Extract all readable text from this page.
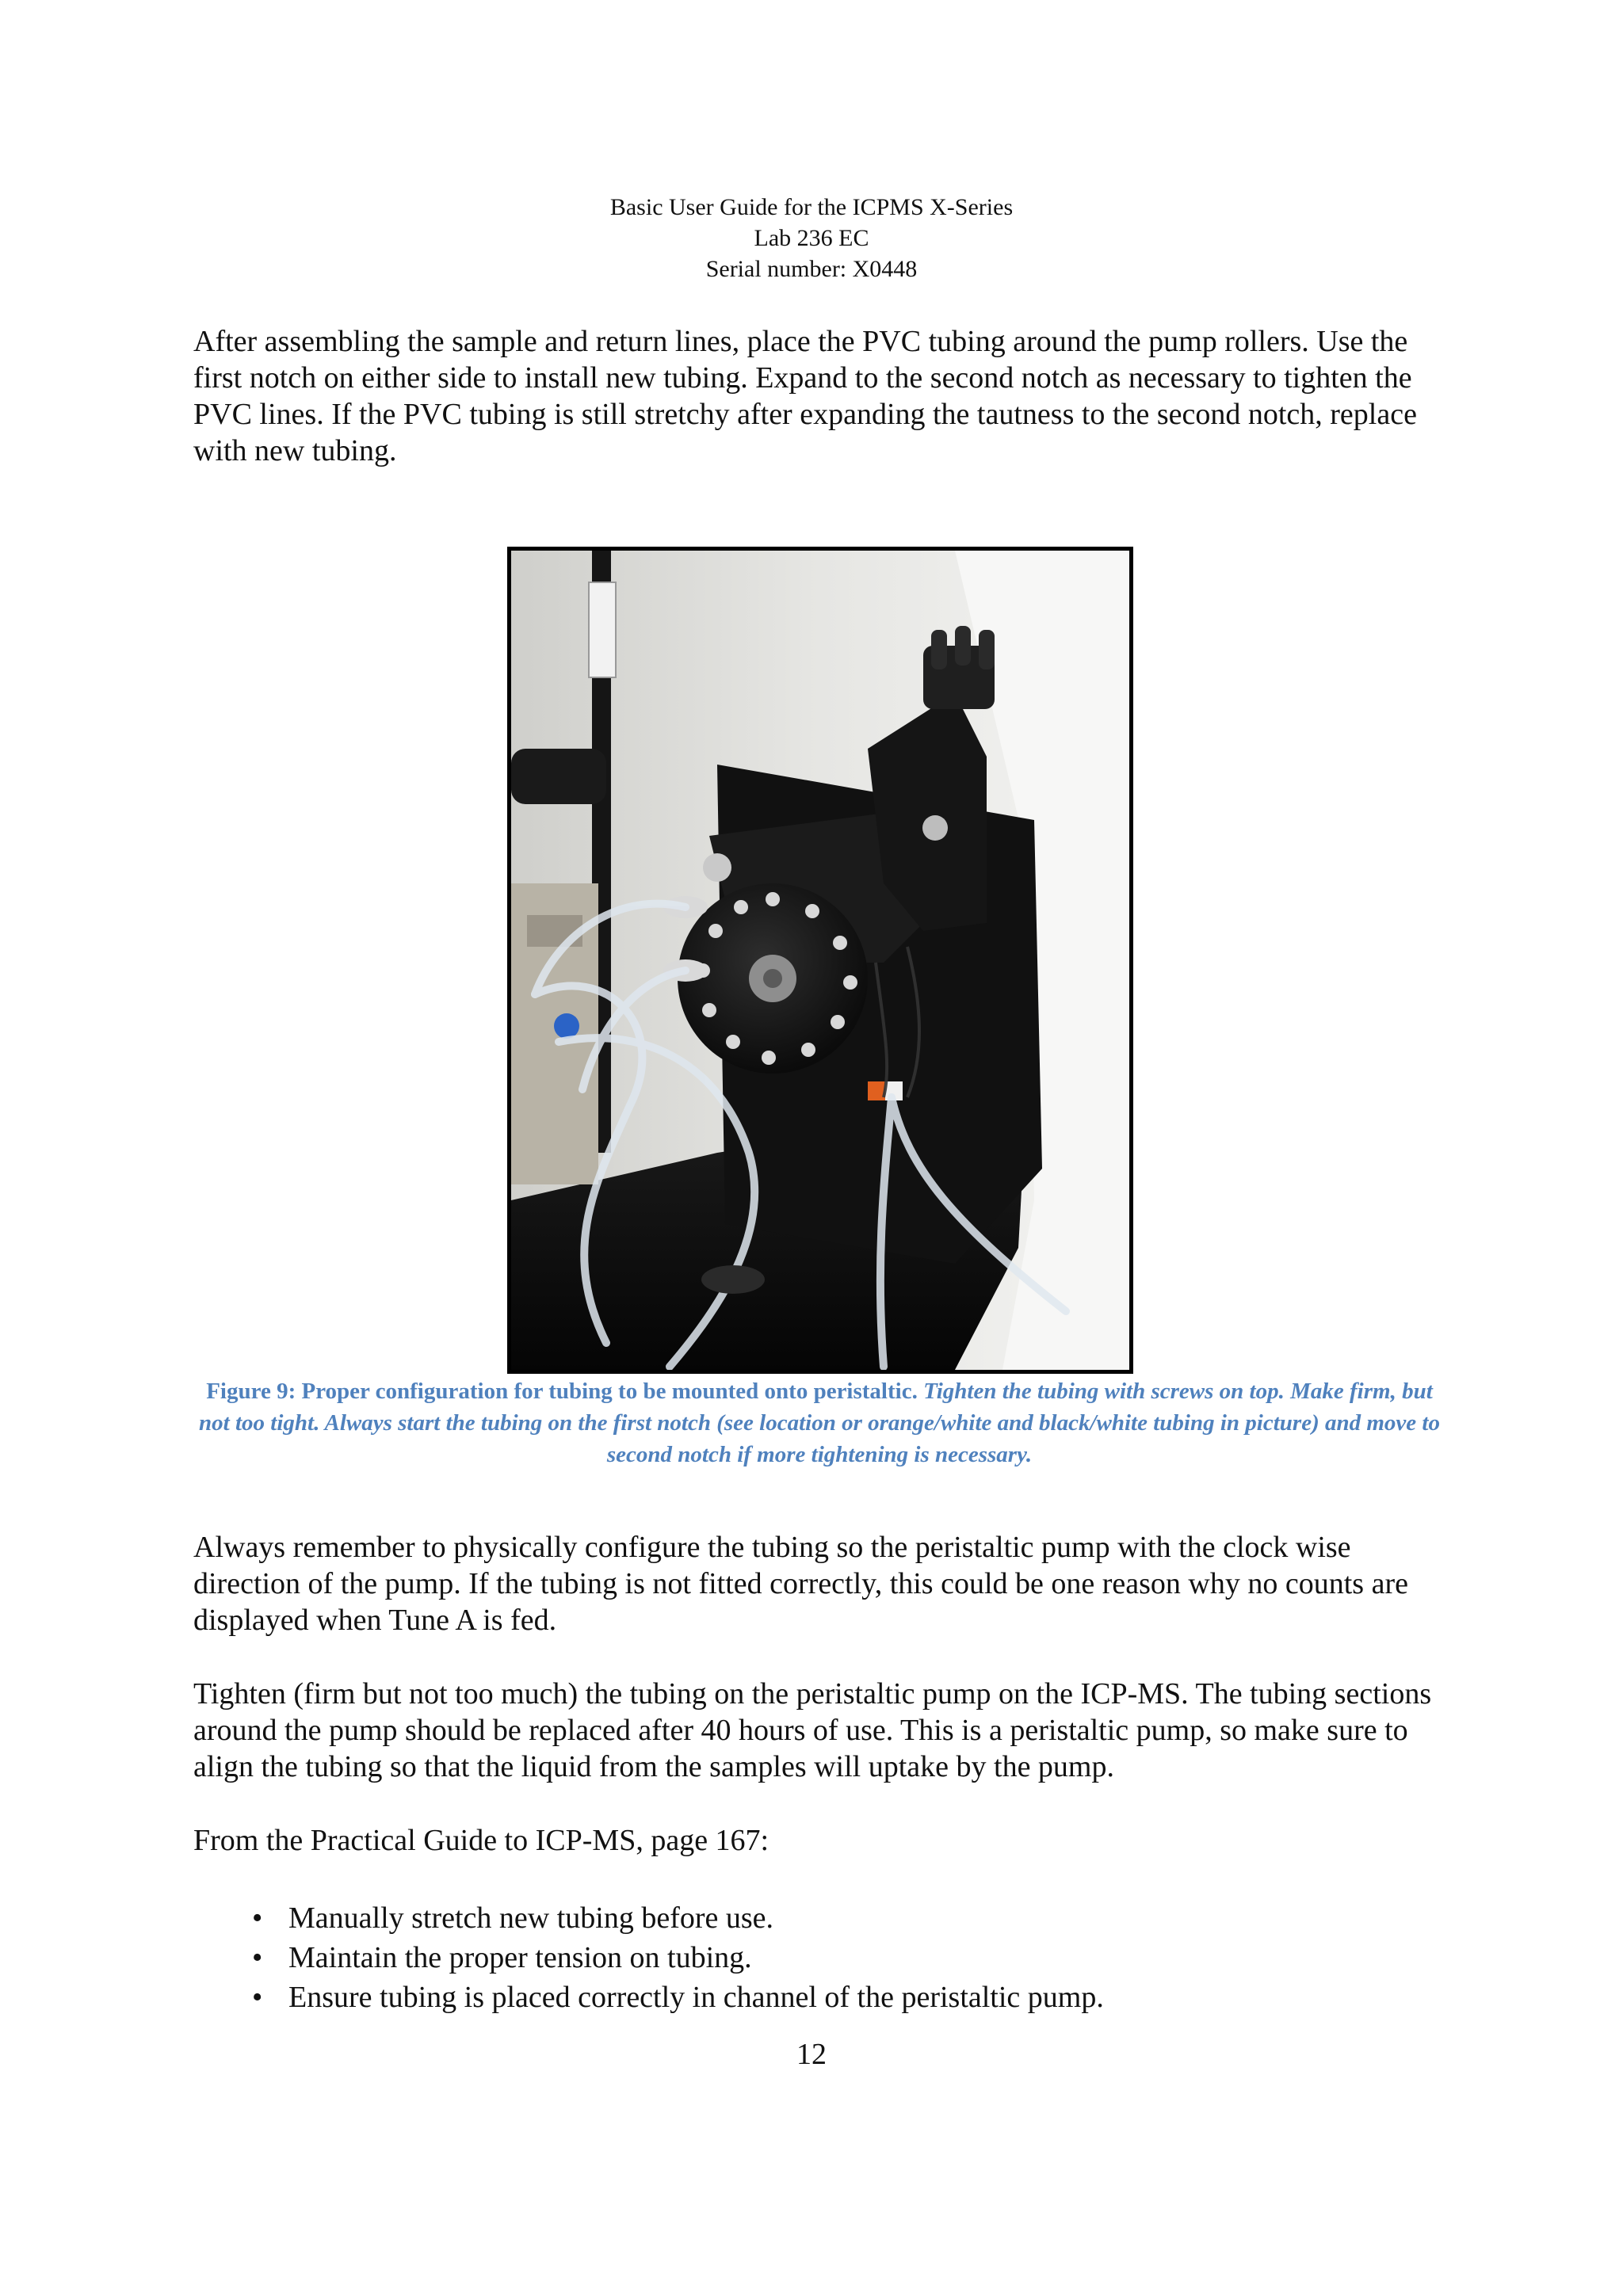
Basic User Guide for the ICPMS X-Series
Lab 236 EC
Serial number: X0448

After assembling the sample and return lines, place the PVC tubing around the pump rollers. Use the first notch on either side to install new tubing. Expand to the second notch as necessary to tighten the PVC lines. If the PVC tubing is still stretchy after expanding the tautness to the second notch, replace with new tubing.

Figure 9: Proper configuration for tubing to be mounted onto peristaltic. Tighten the tubing with screws on top. Make firm, but not too tight. Always start the tubing on the first notch (see location or orange/white and black/white tubing in picture) and move to second notch if more tightening is necessary.

Always remember to physically configure the tubing so the peristaltic pump with the clock wise direction of the pump. If the tubing is not fitted correctly, this could be one reason why no counts are displayed when Tune A is fed.

Tighten (firm but not too much) the tubing on the peristaltic pump on the ICP-MS. The tubing sections around the pump should be replaced after 40 hours of use. This is a peristaltic pump, so make sure to align the tubing so that the liquid from the samples will uptake by the pump.

From the Practical Guide to ICP-MS, page 167:

• Manually stretch new tubing before use.
• Maintain the proper tension on tubing.
• Ensure tubing is placed correctly in channel of the peristaltic pump.
12
